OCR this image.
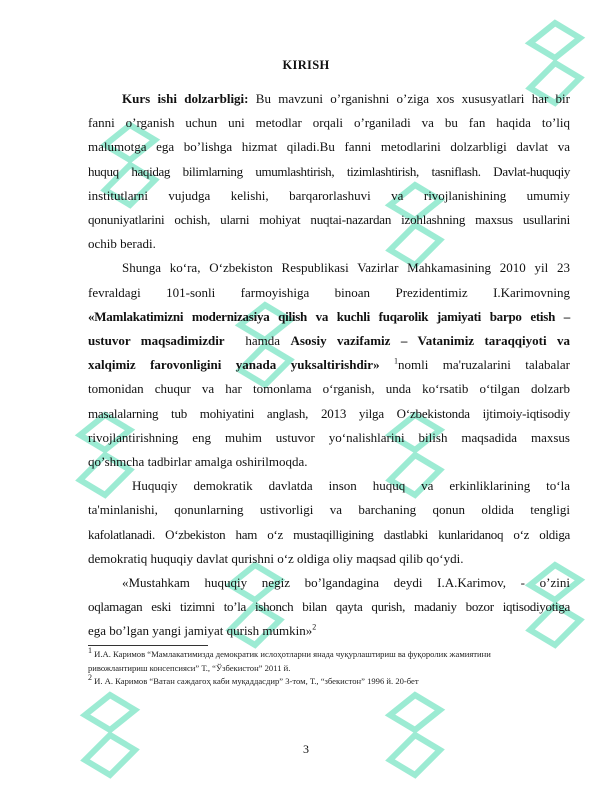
KIRISH
Kurs ishi dolzarbligi: Bu mavzuni o’rganishni o’ziga xos xususyatlari har bir
fanni o’rganish uchun uni metodlar orqali o’rganiladi va bu fan haqida to’liq
malumotga ega bo’lishga hizmat qiladi.Bu fanni metodlarini dolzarbligi davlat va
huquq haqidag bilimlarning umumlashtirish, tizimlashtirish, tasniflash. Davlat-huquqiy
institutlarni vujudga kelishi, barqarorlashuvi va rivojlanishining umumiy
qonuniyatlarini ochish, ularni mohiyat nuqtai-nazardan izohlashning maxsus usullarini
ochib beradi.
Shunga ko‘ra, O‘zbekiston Respublikasi Vazirlar Mahkamasining 2010 yil 23
fevraldagi 101-sonli farmoyishiga binoan Prezidentimiz I.Karimovning
«Mamlakatimizni modernizasiya qilish va kuchli fuqarolik jamiyati barpo etish –
ustuvor maqsadimizdir  hamda Asosiy vazifamiz – Vatanimiz taraqqiyoti va
xalqimiz farovonligini yanada yuksaltirishdir» $^1$nomli ma'ruzalarini talabalar
tomonidan chuqur va har tomonlama o‘rganish, unda ko‘rsatib o‘tilgan dolzarb
masalalarning tub mohiyatini anglash, 2013 yilga O‘zbekistonda ijtimoiy-iqtisodiy
rivojlantirishning eng muhim ustuvor yo‘nalishlarini bilish maqsadida maxsus
qo’shmcha tadbirlar amalga oshirilmoqda.
Huquqiy demokratik davlatda inson huquq va erkinliklarining to‘la
ta'minlanishi, qonunlarning ustivorligi va barchaning qonun oldida tengligi
kafolatlanadi. O‘zbekiston ham o‘z mustaqilligining dastlabki kunlaridanoq o‘z oldiga
demokratiq huquqiy davlat qurishni o‘z oldiga oliy maqsad qilib qo‘ydi.
«Mustahkam huquqiy negiz bo’lgandagina deydi I.A.Karimov, - o’zini
oqlamagan eski tizimni to’la ishonch bilan qayta qurish, madaniy bozor iqtisodiyotiga
ega bo’lgan yangi jamiyat qurish mumkin»$^2$

$^1$ И.А. Каримов “Мамлакатимизда демократик ислоҳотларни янада чуқурлаштириш ва фуқоролик жамиятини

ривожлантириш консепсияси” Т., “Ўзбекистон” 2011 й.

$^2$ И. А. Каримов “Ватан саждагоҳ каби муқаддасдир” 3-том, Т., “збекистон” 1996 й. 20-бет

3
